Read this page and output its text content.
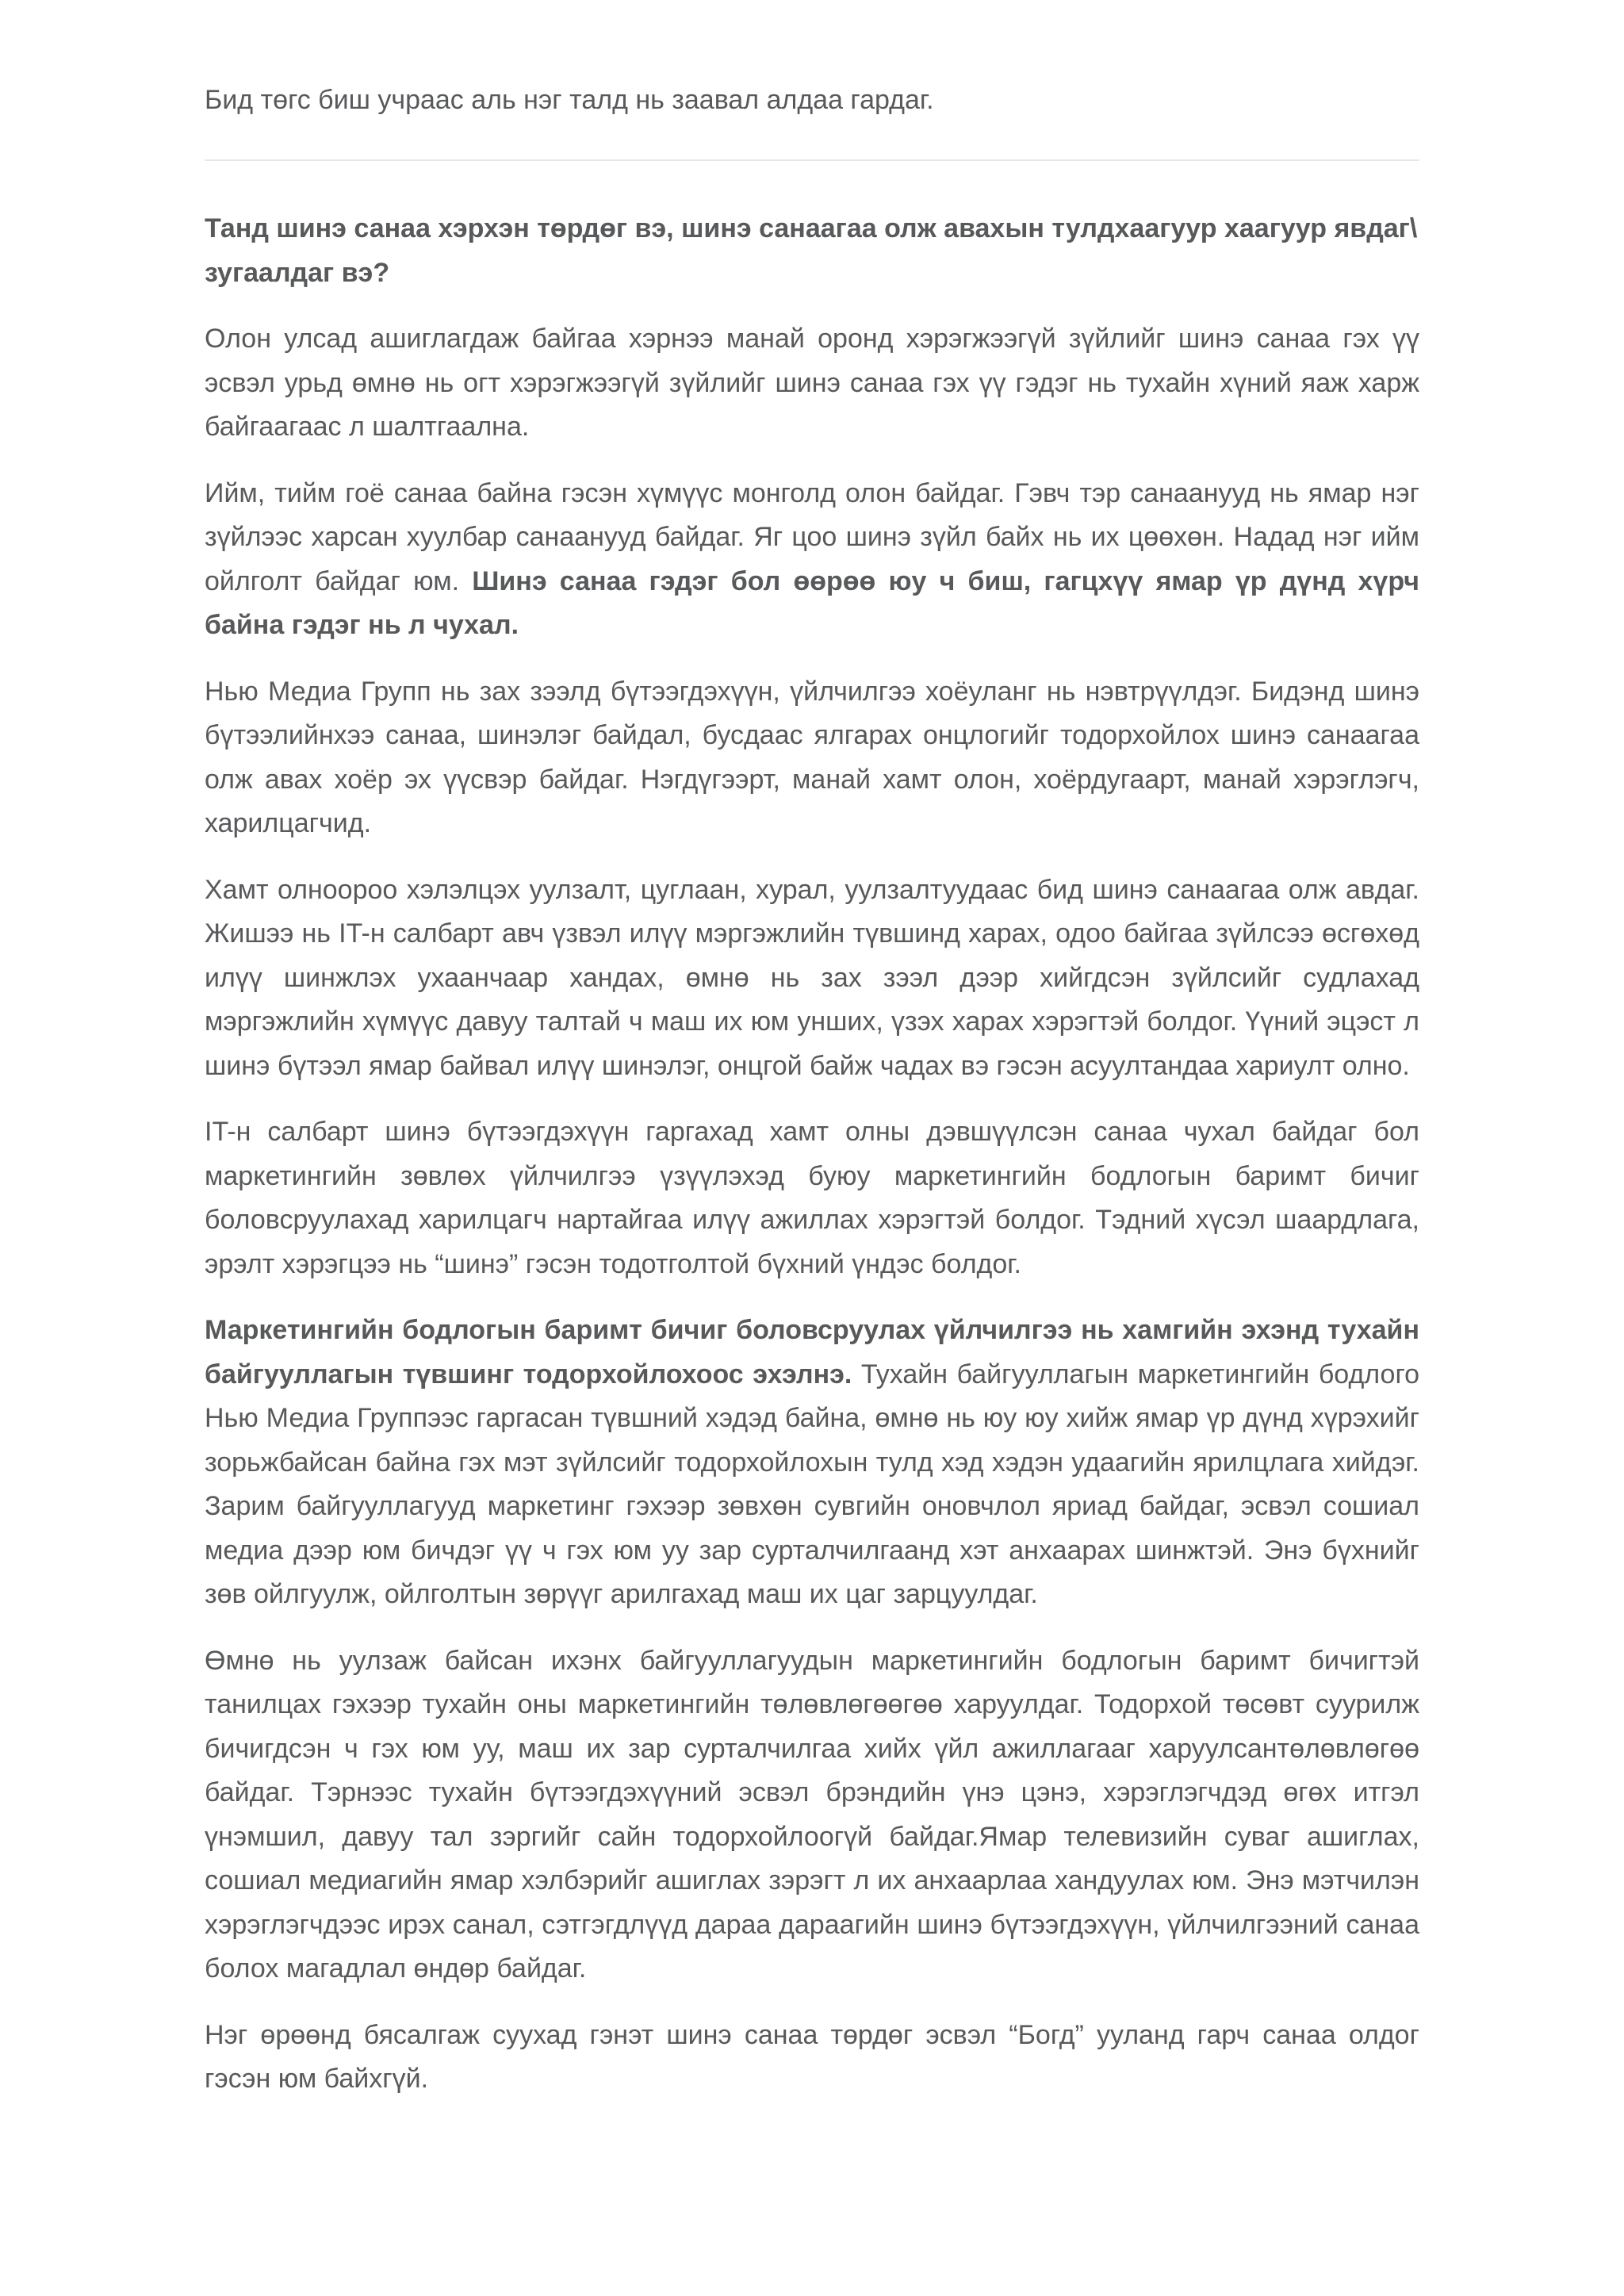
Бид төгс биш учраас аль нэг талд нь заавал алдаа гардаг.

Танд шинэ санаа хэрхэн төрдөг вэ, шинэ санаагаа олж авахын тулдхаагуур хаагуур явдаг\ зугаалдаг вэ?

Олон улсад ашиглагдаж байгаа хэрнээ манай оронд хэрэгжээгүй зүйлийг шинэ санаа гэх үү эсвэл урьд өмнө нь огт хэрэгжээгүй зүйлийг шинэ санаа гэх үү гэдэг нь тухайн хүний яаж харж байгаагаас л шалтгаална.

Ийм, тийм гоё санаа байна гэсэн хүмүүс монголд олон байдаг. Гэвч тэр санаанууд нь ямар нэг зүйлээс харсан хуулбар санаанууд байдаг. Яг цоо шинэ зүйл байх нь их цөөхөн. Надад нэг ийм ойлголт байдаг юм. Шинэ санаа гэдэг бол өөрөө юу ч биш, гагцхүү ямар үр дүнд хүрч байна гэдэг нь л чухал.

Нью Медиа Групп нь зах зээлд бүтээгдэхүүн, үйлчилгээ хоёуланг нь нэвтрүүлдэг. Бидэнд шинэ бүтээлийнхээ санаа, шинэлэг байдал, бусдаас ялгарах онцлогийг тодорхойлох шинэ санаагаа олж авах хоёр эх үүсвэр байдаг. Нэгдүгээрт, манай хамт олон, хоёрдугаарт, манай хэрэглэгч, харилцагчид.

Хамт олноороо хэлэлцэх уулзалт, цуглаан, хурал, уулзалтуудаас бид шинэ санаагаа олж авдаг. Жишээ нь IT-н салбарт авч үзвэл илүү мэргэжлийн түвшинд харах, одоо байгаа зүйлсээ өсгөхөд илүү шинжлэх ухаанчаар хандах, өмнө нь зах зээл дээр хийгдсэн зүйлсийг судлахад мэргэжлийн хүмүүс давуу талтай ч маш их юм унших, үзэх харах хэрэгтэй болдог. Үүний эцэст л шинэ бүтээл ямар байвал илүү шинэлэг, онцгой байж чадах вэ гэсэн асуултандаа хариулт олно.

IT-н салбарт шинэ бүтээгдэхүүн гаргахад хамт олны дэвшүүлсэн санаа чухал байдаг бол маркетингийн зөвлөх үйлчилгээ үзүүлэхэд буюу маркетингийн бодлогын баримт бичиг боловсруулахад харилцагч нартайгаа илүү ажиллах хэрэгтэй болдог. Тэдний хүсэл шаардлага, эрэлт хэрэгцээ нь “шинэ” гэсэн тодотголтой бүхний үндэс болдог.

Маркетингийн бодлогын баримт бичиг боловсруулах үйлчилгээ нь хамгийн эхэнд тухайн байгууллагын түвшинг тодорхойлохоос эхэлнэ. Тухайн байгууллагын маркетингийн бодлого Нью Медиа Группээс гаргасан түвшний хэдэд байна, өмнө нь юу юу хийж ямар үр дүнд хүрэхийг зорьжбайсан байна гэх мэт зүйлсийг тодорхойлохын тулд хэд хэдэн удаагийн ярилцлага хийдэг. Зарим байгууллагууд маркетинг гэхээр зөвхөн сувгийн оновчлол яриад байдаг, эсвэл сошиал медиа дээр юм бичдэг үү ч гэх юм уу зар сурталчилгаанд хэт анхаарах шинжтэй. Энэ бүхнийг зөв ойлгуулж, ойлголтын зөрүүг арилгахад маш их цаг зарцуулдаг.

Өмнө нь уулзаж байсан ихэнх байгууллагуудын маркетингийн бодлогын баримт бичигтэй танилцах гэхээр тухайн оны маркетингийн төлөвлөгөөгөө харуулдаг. Тодорхой төсөвт суурилж бичигдсэн ч гэх юм уу, маш их зар сурталчилгаа хийх үйл ажиллагааг харуулсантөлөвлөгөө байдаг. Тэрнээс тухайн бүтээгдэхүүний эсвэл брэндийн үнэ цэнэ, хэрэглэгчдэд өгөх итгэл үнэмшил, давуу тал зэргийг сайн тодорхойлоогүй байдаг.Ямар телевизийн суваг ашиглах, сошиал медиагийн ямар хэлбэрийг ашиглах зэрэгт л их анхаарлаа хандуулах юм. Энэ мэтчилэн хэрэглэгчдээс ирэх санал, сэтгэгдлүүд дараа дараагийн шинэ бүтээгдэхүүн, үйлчилгээний санаа болох магадлал өндөр байдаг.

Нэг өрөөнд бясалгаж суухад гэнэт шинэ санаа төрдөг эсвэл “Богд” ууланд гарч санаа олдог гэсэн юм байхгүй.
